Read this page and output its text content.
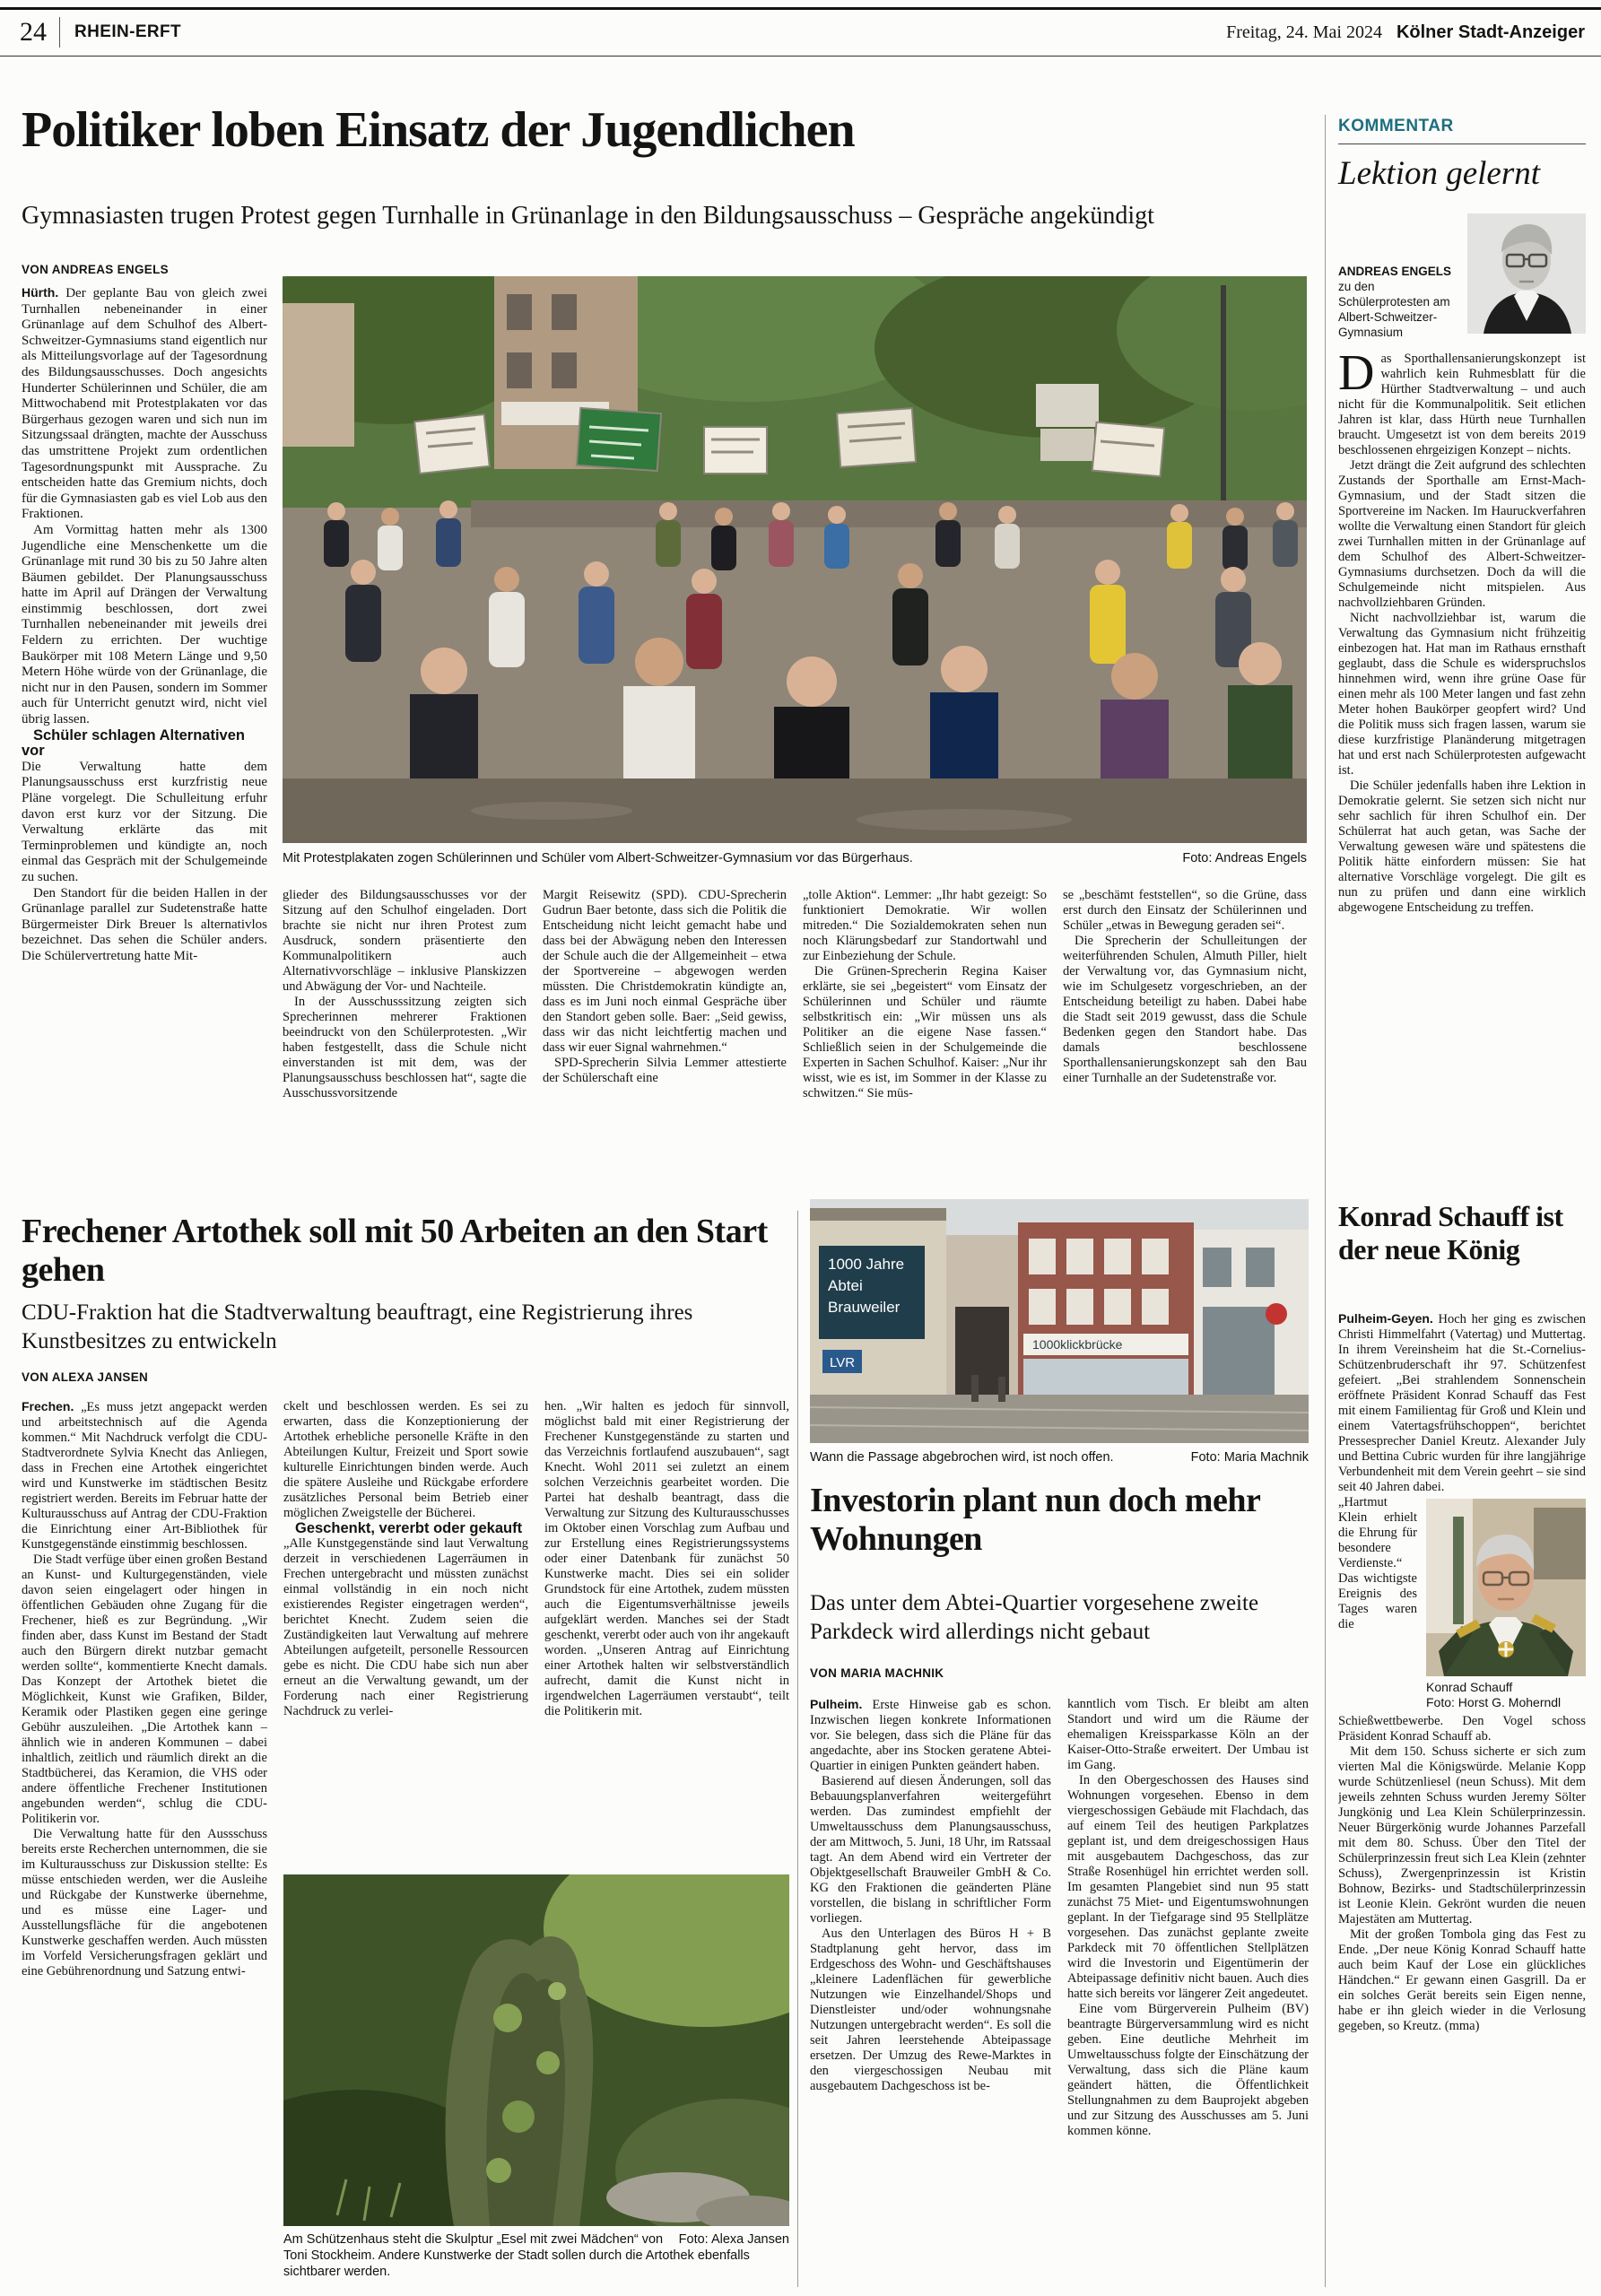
24	RHEIN-ERFT	Freitag, 24. Mai 2024 Kölner Stadt-Anzeiger
Politiker loben Einsatz der Jugendlichen
Gymnasiasten trugen Protest gegen Turnhalle in Grünanlage in den Bildungsausschuss – Gespräche angekündigt
VON ANDREAS ENGELS
Mit Protestplakaten zogen Schülerinnen und Schüler vom Albert-Schweitzer-Gymnasium vor das Bürgerhaus.	Foto: Andreas Engels

Hürth. Der geplante Bau von gleich zwei Turnhallen nebeneinander in einer Grünanlage auf dem Schulhof des Albert-Schweitzer-Gymnasiums stand eigentlich nur als Mitteilungsvorlage auf der Tagesordnung des Bildungsausschusses. Doch angesichts Hunderter Schülerinnen und Schüler, die am Mittwochabend mit Protestplakaten vor das Bürgerhaus gezogen waren und sich nun im Sitzungssaal drängten, machte der Ausschuss das umstrittene Projekt zum ordentlichen Tagesordnungspunkt mit Aussprache. Zu entscheiden hatte das Gremium nichts, doch für die Gymnasiasten gab es viel Lob aus den Fraktionen.

Am Vormittag hatten mehr als 1300 Jugendliche eine Menschenkette um die Grünanlage mit rund 30 bis zu 50 Jahre alten Bäumen gebildet. Der Planungsausschuss hatte im April auf Drängen der Verwaltung einstimmig beschlossen, dort zwei Turnhallen nebeneinander mit jeweils drei Feldern zu errichten. Der wuchtige Baukörper mit 108 Metern Länge und 9,50 Metern Höhe würde von der Grünanlage, die nicht nur in den Pausen, sondern im Sommer auch für Unterricht genutzt wird, nicht viel übrig lassen.

Schüler schlagen Alternativen vor

Die Verwaltung hatte dem Planungsausschuss erst kurzfristig neue Pläne vorgelegt. Die Schulleitung erfuhr davon erst kurz vor der Sitzung. Die Verwaltung erklärte das mit Terminproblemen und kündigte an, noch einmal das Gespräch mit der Schulgemeinde zu suchen.

Den Standort für die beiden Hallen in der Grünanlage parallel zur Sudetenstraße hatte Bürgermeister Dirk Breuer ls alternativlos bezeichnet. Das sehen die Schüler anders. Die Schülervertretung hatte Mit-

glieder des Bildungsausschusses vor der Sitzung auf den Schulhof eingeladen. Dort brachte sie nicht nur ihren Protest zum Ausdruck, sondern präsentierte den Kommunalpolitikern auch Alternativvorschläge – inklusive Planskizzen und Abwägung der Vor- und Nachteile.

In der Ausschusssitzung zeigten sich Sprecherinnen mehrerer Fraktionen beeindruckt von den Schülerprotesten. „Wir haben festgestellt, dass die Schule nicht einverstanden ist mit dem, was der Planungsausschuss beschlossen hat“, sagte die Ausschussvorsitzende

Margit Reisewitz (SPD). CDU-Sprecherin Gudrun Baer betonte, dass sich die Politik die Entscheidung nicht leicht gemacht habe und dass bei der Abwägung neben den Interessen der Schule auch die der Allgemeinheit – etwa der Sportvereine – abgewogen werden müssten. Die Christdemokratin kündigte an, dass es im Juni noch einmal Gespräche über den Standort geben solle. Baer: „Seid gewiss, dass wir das nicht leichtfertig machen und dass wir euer Signal wahrnehmen.“

SPD-Sprecherin Silvia Lemmer attestierte der Schülerschaft eine

„tolle Aktion“. Lemmer: „Ihr habt gezeigt: So funktioniert Demokratie. Wir wollen mitreden.“ Die Sozialdemokraten sehen nun noch Klärungsbedarf zur Standortwahl und zur Einbeziehung der Schule.

Die Grünen-Sprecherin Regina Kaiser erklärte, sie sei „begeistert“ vom Einsatz der Schülerinnen und Schüler und räumte selbstkritisch ein: „Wir müssen uns als Politiker an die eigene Nase fassen.“ Schließlich seien in der Schulgemeinde die Experten in Sachen Schulhof. Kaiser: „Nur ihr wisst, wie es ist, im Sommer in der Klasse zu schwitzen.“ Sie müs-

se „beschämt feststellen“, so die Grüne, dass erst durch den Einsatz der Schülerinnen und Schüler „etwas in Bewegung geraden sei“.

Die Sprecherin der Schulleitungen der weiterführenden Schulen, Almuth Piller, hielt der Verwaltung vor, das Gymnasium nicht, wie im Schulgesetz vorgeschrieben, an der Entscheidung beteiligt zu haben. Dabei habe die Stadt seit 2019 gewusst, dass die Schule Bedenken gegen den Standort habe. Das damals beschlossene Sporthallensanierungskonzept sah den Bau einer Turnhalle an der Sudetenstraße vor.

Frechener Artothek soll mit 50 Arbeiten an den Start gehen
CDU-Fraktion hat die Stadtverwaltung beauftragt, eine Registrierung ihres Kunstbesitzes zu entwickeln
VON ALEXA JANSEN

Frechen. „Es muss jetzt angepackt werden und arbeitstechnisch auf die Agenda kommen.“ Mit Nachdruck verfolgt die CDU-Stadtverordnete Sylvia Knecht das Anliegen, dass in Frechen eine Artothek eingerichtet wird und Kunstwerke im städtischen Besitz registriert werden. Bereits im Februar hatte der Kulturausschuss auf Antrag der CDU-Fraktion die Einrichtung einer Art-Bibliothek für Kunstgegenstände einstimmig beschlossen.

Die Stadt verfüge über einen großen Bestand an Kunst- und Kulturgegenständen, viele davon seien eingelagert oder hingen in öffentlichen Gebäuden ohne Zugang für die Frechener, hieß es zur Begründung. „Wir finden aber, dass Kunst im Bestand der Stadt auch den Bürgern direkt nutzbar gemacht werden sollte“, kommentierte Knecht damals. Das Konzept der Artothek bietet die Möglichkeit, Kunst wie Grafiken, Bilder, Keramik oder Plastiken gegen eine geringe Gebühr auszuleihen. „Die Artothek kann – ähnlich wie in anderen Kommunen – dabei inhaltlich, zeitlich und räumlich direkt an die Stadtbücherei, das Keramion, die VHS oder andere öffentliche Frechener Institutionen angebunden werden“, schlug die CDU-Politikerin vor.

Die Verwaltung hatte für den Aussschuss bereits erste Recherchen unternommen, die sie im Kulturausschuss zur Diskussion stellte: Es müsse entschieden werden, wer die Ausleihe und Rückgabe der Kunstwerke übernehme, und es müsse eine Lager- und Ausstellungsfläche für die angebotenen Kunstwerke geschaffen werden. Auch müssten im Vorfeld Versicherungsfragen geklärt und eine Gebührenordnung und Satzung entwi-

ckelt und beschlossen werden. Es sei zu erwarten, dass die Konzeptionierung der Artothek erhebliche personelle Kräfte in den Abteilungen Kultur, Freizeit und Sport sowie kulturelle Einrichtungen binden werde. Auch die spätere Ausleihe und Rückgabe erfordere zusätzliches Personal beim Betrieb einer möglichen Zweigstelle der Bücherei.

Geschenkt, vererbt oder gekauft

„Alle Kunstgegenstände sind laut Verwaltung derzeit in verschiedenen Lagerräumen in Frechen untergebracht und müssten zunächst einmal vollständig in ein noch nicht existierendes Register eingetragen werden“, berichtet Knecht. Zudem seien die Zuständigkeiten laut Verwaltung auf mehrere Abteilungen aufgeteilt, personelle Ressourcen gebe es nicht. Die CDU habe sich nun aber erneut an die Verwaltung gewandt, um der Forderung nach einer Registrierung Nachdruck zu verlei-

hen. „Wir halten es jedoch für sinnvoll, möglichst bald mit einer Registrierung der Frechener Kunstgegenstände zu starten und das Verzeichnis fortlaufend auszubauen“, sagt Knecht. Wohl 2011 sei zuletzt an einem solchen Verzeichnis gearbeitet worden. Die Partei hat deshalb beantragt, dass die Verwaltung zur Sitzung des Kulturausschusses im Oktober einen Vorschlag zum Aufbau und zur Erstellung eines Registrierungssystems oder einer Datenbank für zunächst 50 Kunstwerke macht. Dies sei ein solider Grundstock für eine Artothek, zudem müssten auch die Eigentumsverhältnisse jeweils aufgeklärt werden. Manches sei der Stadt geschenkt, vererbt oder auch von ihr angekauft worden. „Unseren Antrag auf Einrichtung einer Artothek halten wir selbstverständlich aufrecht, damit die Kunst nicht in irgendwelchen Lagerräumen verstaubt“, teilt die Politikerin mit.

Foto: Alexa Jansen
Am Schützenhaus steht die Skulptur „Esel mit zwei Mädchen“ von Toni Stockheim. Andere Kunstwerke der Stadt sollen durch die Artothek ebenfalls sichtbarer werden.
1000 Jahre
Abtei
Brauweiler
LVR
1000klickbrücke
Wann die Passage abgebrochen wird, ist noch offen.	Foto: Maria Machnik
Investorin plant nun doch mehr Wohnungen
Das unter dem Abtei-Quartier vorgesehene zweite Parkdeck wird allerdings nicht gebaut
VON MARIA MACHNIK

Pulheim. Erste Hinweise gab es schon. Inzwischen liegen konkrete Informationen vor. Sie belegen, dass sich die Pläne für das angedachte, aber ins Stocken geratene Abtei-Quartier in einigen Punkten geändert haben.

Basierend auf diesen Änderungen, soll das Bebauungsplanverfahren weitergeführt werden. Das zumindest empfiehlt der Umweltausschuss dem Planungsausschuss, der am Mittwoch, 5. Juni, 18 Uhr, im Ratssaal tagt. An dem Abend wird ein Vertreter der Objektgesellschaft Brauweiler GmbH & Co. KG den Fraktionen die geänderten Pläne vorstellen, die bislang in schriftlicher Form vorliegen.

Aus den Unterlagen des Büros H + B Stadtplanung geht hervor, dass im Erdgeschoss des Wohn- und Geschäftshauses „kleinere Ladenflächen für gewerbliche Nutzungen wie Einzelhandel/Shops und Dienstleister und/oder wohnungsnahe Nutzungen untergebracht werden“. Es soll die seit Jahren leerstehende Abteipassage ersetzen. Der Umzug des Rewe-Marktes in den viergeschossigen Neubau mit ausgebautem Dachgeschoss ist be-

kanntlich vom Tisch. Er bleibt am alten Standort und wird um die Räume der ehemaligen Kreissparkasse Köln an der Kaiser-Otto-Straße erweitert. Der Umbau ist im Gang.

In den Obergeschossen des Hauses sind Wohnungen vorgesehen. Ebenso in dem viergeschossigen Gebäude mit Flachdach, das auf einem Teil des heutigen Parkplatzes geplant ist, und dem dreigeschossigen Haus mit ausgebautem Dachgeschoss, das zur Straße Rosenhügel hin errichtet werden soll. Im gesamten Plangebiet sind nun 95 statt zunächst 75 Miet- und Eigentumswohnungen geplant. In der Tiefgarage sind 95 Stellplätze vorgesehen. Das zunächst geplante zweite Parkdeck mit 70 öffentlichen Stellplätzen wird die Investorin und Eigentümerin der Abteipassage definitiv nicht bauen. Auch dies hatte sich bereits vor längerer Zeit angedeutet.

Eine vom Bürgerverein Pulheim (BV) beantragte Bürgerversammlung wird es nicht geben. Eine deutliche Mehrheit im Umweltausschuss folgte der Einschätzung der Verwaltung, dass sich die Pläne kaum geändert hätten, die Öffentlichkeit Stellungnahmen zu dem Bauprojekt abgeben und zur Sitzung des Ausschusses am 5. Juni kommen könne.

KOMMENTAR
Lektion gelernt
ANDREAS ENGELS zu den Schülerprotesten am Albert-Schweitzer-Gymnasium

Das Sporthallensanierungskonzept ist wahrlich kein Ruhmesblatt für die Hürther Stadtverwaltung – und auch nicht für die Kommunalpolitik. Seit etlichen Jahren ist klar, dass Hürth neue Turnhallen braucht. Umgesetzt ist von dem bereits 2019 beschlossenen ehrgeizigen Konzept – nichts.

Jetzt drängt die Zeit aufgrund des schlechten Zustands der Sporthalle am Ernst-Mach-Gymnasium, und der Stadt sitzen die Sportvereine im Nacken. Im Hauruckverfahren wollte die Verwaltung einen Standort für gleich zwei Turnhallen mitten in der Grünanlage auf dem Schulhof des Albert-Schweitzer-Gymnasiums durchsetzen. Doch da will die Schulgemeinde nicht mitspielen. Aus nachvollziehbaren Gründen.

Nicht nachvollziehbar ist, warum die Verwaltung das Gymnasium nicht frühzeitig einbezogen hat. Hat man im Rathaus ernsthaft geglaubt, dass die Schule es widerspruchslos hinnehmen wird, wenn ihre grüne Oase für einen mehr als 100 Meter langen und fast zehn Meter hohen Baukörper geopfert wird? Und die Politik muss sich fragen lassen, warum sie diese kurzfristige Planänderung mitgetragen hat und erst nach Schülerprotesten aufgewacht ist.

Die Schüler jedenfalls haben ihre Lektion in Demokratie gelernt. Sie setzen sich nicht nur sehr sachlich für ihren Schulhof ein. Der Schülerrat hat auch getan, was Sache der Verwaltung gewesen wäre und spätestens die Politik hätte einfordern müssen: Sie hat alternative Vorschläge vorgelegt. Die gilt es nun zu prüfen und dann eine wirklich abgewogene Entscheidung zu treffen.

Konrad Schauff ist der neue König

Pulheim-Geyen. Hoch her ging es zwischen Christi Himmelfahrt (Vatertag) und Muttertag. In ihrem Vereinsheim hat die St.-Cornelius-Schützenbruderschaft ihr 97. Schützenfest gefeiert. „Bei strahlendem Sonnenschein eröffnete Präsident Konrad Schauff das Fest mit einem Familientag für Groß und Klein und einem Vatertagsfrühschoppen“, berichtet Pressesprecher Daniel Kreutz. Alexander July und Bettina Cubric wurden für ihre langjährige Verbundenheit mit dem Verein geehrt – sie sind seit 40 Jahren dabei.

Konrad Schauff
Foto: Horst G. Moherndl

„Hartmut Klein erhielt die Ehrung für besondere Verdienste.“ Das wichtigste Ereignis des Tages waren die Schießwettbewerbe. Den Vogel schoss Präsident Konrad Schauff ab.

Mit dem 150. Schuss sicherte er sich zum vierten Mal die Königswürde. Melanie Kopp wurde Schützenliesel (neun Schuss). Mit dem jeweils zehnten Schuss wurden Jeremy Sölter Jungkönig und Lea Klein Schülerprinzessin. Neuer Bürgerkönig wurde Johannes Parzefall mit dem 80. Schuss. Über den Titel der Schülerprinzessin freut sich Lea Klein (zehnter Schuss), Zwergenprinzessin ist Kristin Bohnow, Bezirks- und Stadtschülerprinzessin ist Leonie Klein. Gekrönt wurden die neuen Majestäten am Muttertag.

Mit der großen Tombola ging das Fest zu Ende. „Der neue König Konrad Schauff hatte auch beim Kauf der Lose ein glückliches Händchen.“ Er gewann einen Gasgrill. Da er ein solches Gerät bereits sein Eigen nenne, habe er ihn gleich wieder in die Verlosung gegeben, so Kreutz. (mma)
